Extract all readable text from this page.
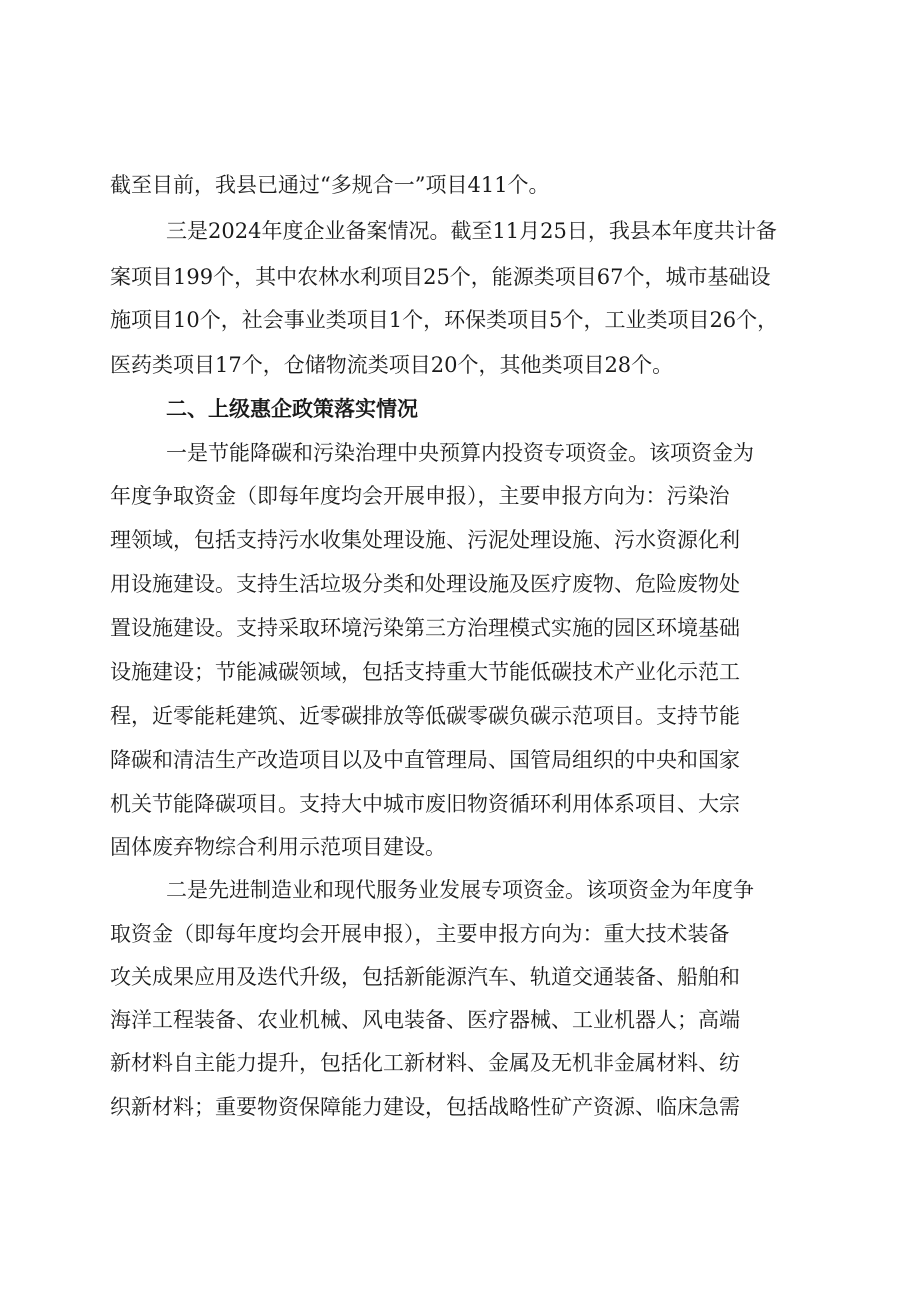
截至目前，我县已通过“多规合一”项目411个。
三是2024年度企业备案情况。截至11月25日，我县本年度共计备
案项目199个，其中农林水利项目25个，能源类项目67个，城市基础设
施项目10个，社会事业类项目1个，环保类项目5个，工业类项目26个，
医药类项目17个，仓储物流类项目20个，其他类项目28个。
二、上级惠企政策落实情况
一是节能降碳和污染治理中央预算内投资专项资金。该项资金为
年度争取资金（即每年度均会开展申报），主要申报方向为：污染治
理领域，包括支持污水收集处理设施、污泥处理设施、污水资源化利
用设施建设。支持生活垃圾分类和处理设施及医疗废物、危险废物处
置设施建设。支持采取环境污染第三方治理模式实施的园区环境基础
设施建设；节能减碳领域，包括支持重大节能低碳技术产业化示范工
程，近零能耗建筑、近零碳排放等低碳零碳负碳示范项目。支持节能
降碳和清洁生产改造项目以及中直管理局、国管局组织的中央和国家
机关节能降碳项目。支持大中城市废旧物资循环利用体系项目、大宗
固体废弃物综合利用示范项目建设。
二是先进制造业和现代服务业发展专项资金。该项资金为年度争
取资金（即每年度均会开展申报），主要申报方向为：重大技术装备
攻关成果应用及迭代升级，包括新能源汽车、轨道交通装备、船舶和
海洋工程装备、农业机械、风电装备、医疗器械、工业机器人；高端
新材料自主能力提升，包括化工新材料、金属及无机非金属材料、纺
织新材料；重要物资保障能力建设，包括战略性矿产资源、临床急需
